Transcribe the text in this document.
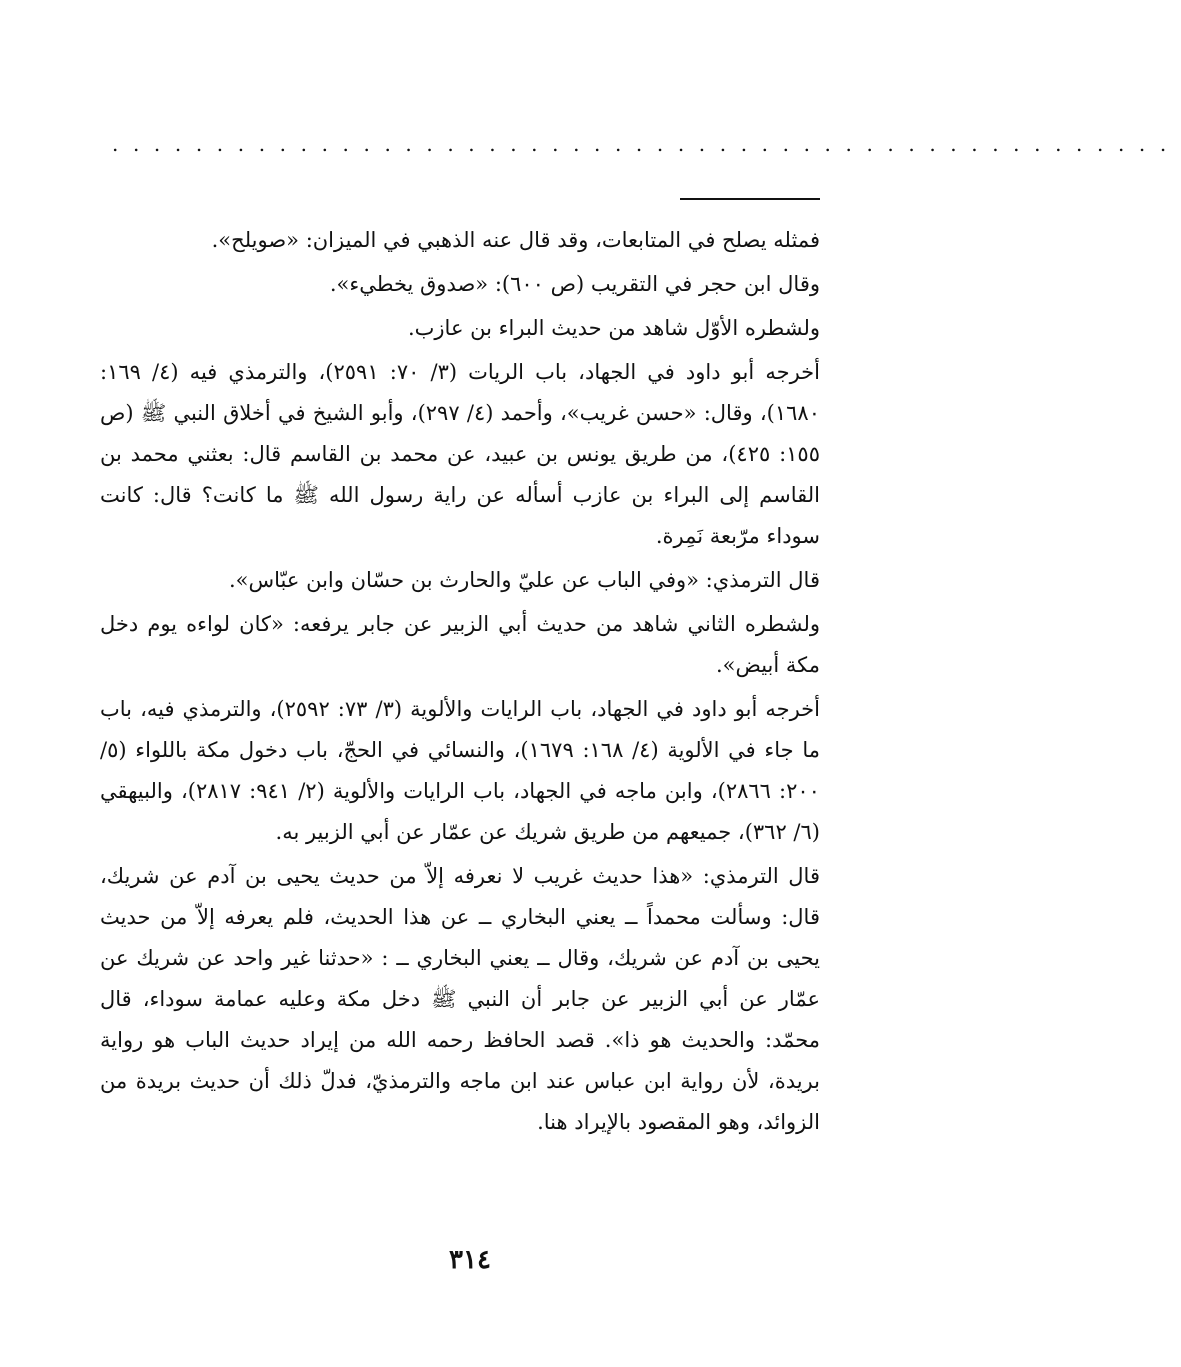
...................................................

فمثله يصلح في المتابعات، وقد قال عنه الذهبي في الميزان: «صويلح».

وقال ابن حجر في التقريب (ص ٦٠٠): «صدوق يخطيء».

ولشطره الأوّل شاهد من حديث البراء بن عازب.

أخرجه أبو داود في الجهاد، باب الريات (٣/ ٧٠: ٢٥٩١)، والترمذي فيه (٤/ ١٦٩: ١٦٨٠)، وقال: «حسن غريب»، وأحمد (٤/ ٢٩٧)، وأبو الشيخ في أخلاق النبي ﷺ (ص ١٥٥: ٤٢٥)، من طريق يونس بن عبيد، عن محمد بن القاسم قال: بعثني محمد بن القاسم إلى البراء بن عازب أسأله عن راية رسول الله ﷺ ما كانت؟ قال: كانت سوداء مرّبعة نَمِرة.

قال الترمذي: «وفي الباب عن عليّ والحارث بن حسّان وابن عبّاس».

ولشطره الثاني شاهد من حديث أبي الزبير عن جابر يرفعه: «كان لواءه يوم دخل مكة أبيض».

أخرجه أبو داود في الجهاد، باب الرايات والألوية (٣/ ٧٣: ٢٥٩٢)، والترمذي فيه، باب ما جاء في الألوية (٤/ ١٦٨: ١٦٧٩)، والنسائي في الحجّ، باب دخول مكة باللواء (٥/ ٢٠٠: ٢٨٦٦)، وابن ماجه في الجهاد، باب الرايات والألوية (٢/ ٩٤١: ٢٨١٧)، والبيهقي (٦/ ٣٦٢)، جميعهم من طريق شريك عن عمّار عن أبي الزبير به.

قال الترمذي: «هذا حديث غريب لا نعرفه إلاّ من حديث يحيى بن آدم عن شريك، قال: وسألت محمداً ــ يعني البخاري ــ عن هذا الحديث، فلم يعرفه إلاّ من حديث يحيى بن آدم عن شريك، وقال ــ يعني البخاري ــ : «حدثنا غير واحد عن شريك عن عمّار عن أبي الزبير عن جابر أن النبي ﷺ دخل مكة وعليه عمامة سوداء، قال محمّد: والحديث هو ذا». قصد الحافظ رحمه الله من إيراد حديث الباب هو رواية بريدة، لأن رواية ابن عباس عند ابن ماجه والترمذيّ، فدلّ ذلك أن حديث بريدة من الزوائد، وهو المقصود بالإيراد هنا.

٣١٤
